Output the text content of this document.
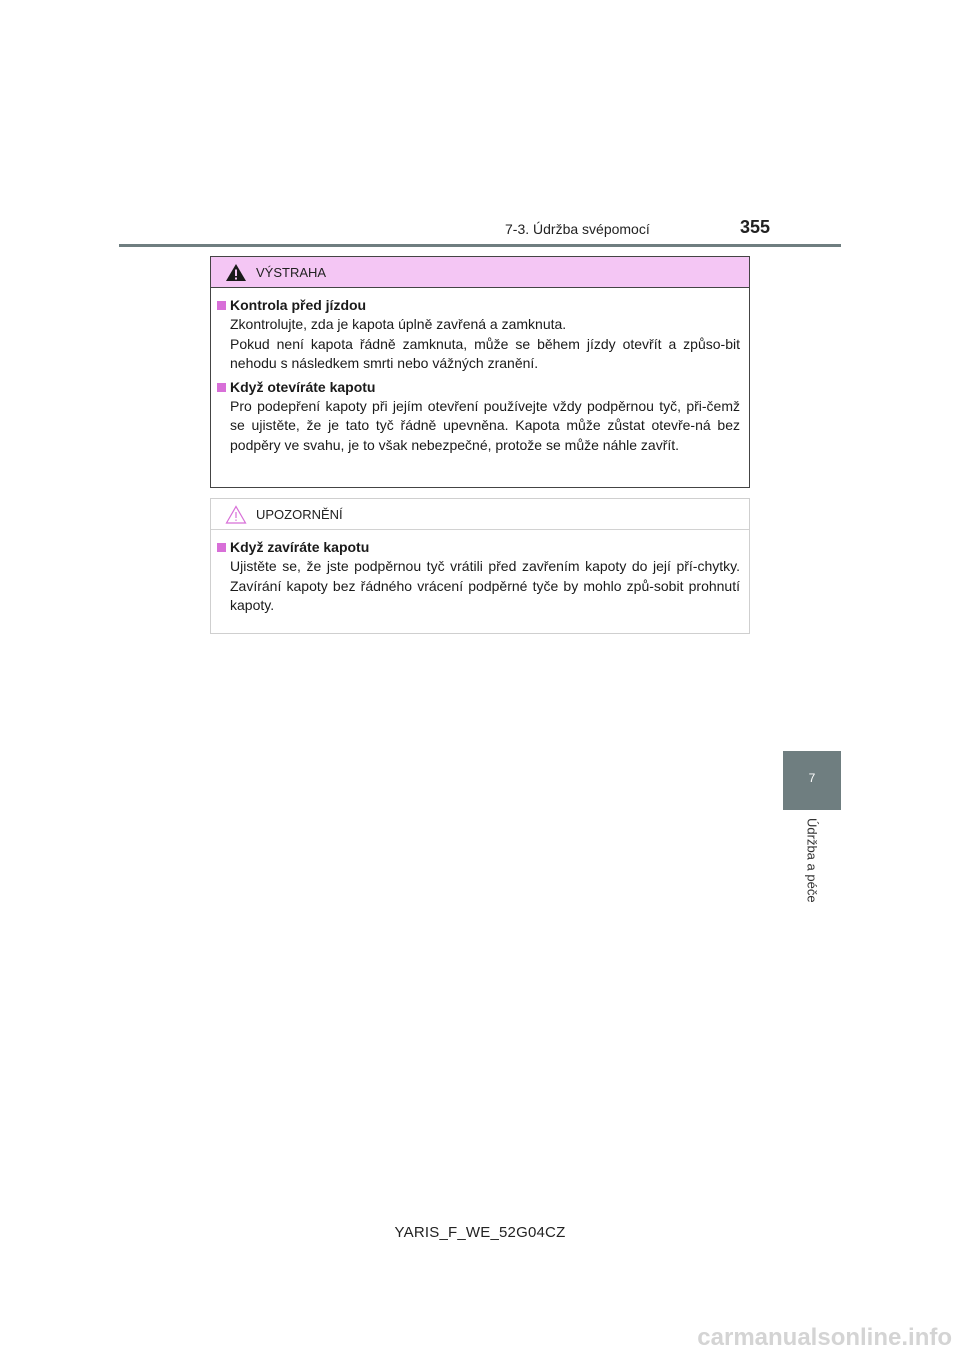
7-3. Údržba svépomocí	355
7
Údržba a péče
VÝSTRAHA
Kontrola před jízdou

Zkontrolujte, zda je kapota úplně zavřená a zamknuta.

Pokud není kapota řádně zamknuta, může se během jízdy otevřít a způso-bit nehodu s následkem smrti nebo vážných zranění.

Když otevíráte kapotu

Pro podepření kapoty při jejím otevření používejte vždy podpěrnou tyč, při-čemž se ujistěte, že je tato tyč řádně upevněna. Kapota může zůstat otevře-ná bez podpěry ve svahu, je to však nebezpečné, protože se může náhle zavřít.

UPOZORNĚNÍ
Když zavíráte kapotu

Ujistěte se, že jste podpěrnou tyč vrátili před zavřením kapoty do její pří-chytky. Zavírání kapoty bez řádného vrácení podpěrné tyče by mohlo způ-sobit prohnutí kapoty.

YARIS_F_WE_52G04CZ
carmanualsonline.info
